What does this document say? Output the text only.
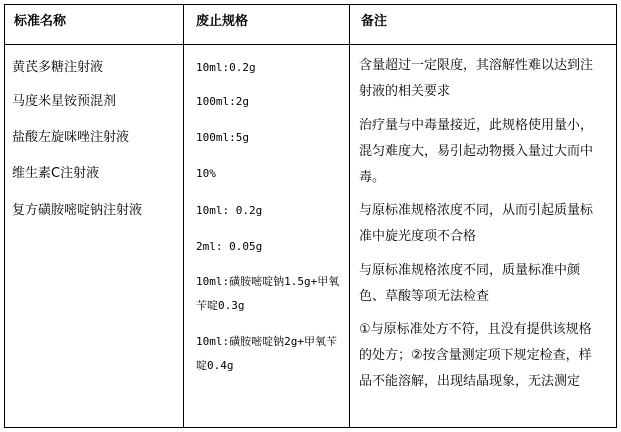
标准名称	废止规格	备注
黄芪多糖注射液
马度米星铵预混剂
盐酸左旋咪唑注射液
维生素C注射液
复方磺胺嘧啶钠注射液
10ml:0.2g
100ml:2g
100ml:5g
10%
10ml: 0.2g
2ml: 0.05g
10ml:磺胺嘧啶钠1.5g+甲氧苄啶0.3g
10ml:磺胺嘧啶钠2g+甲氧苄啶0.4g
含量超过一定限度，其溶解性难以达到注射液的相关要求
治疗量与中毒量接近，此规格使用量小，混匀难度大，易引起动物摄入量过大而中毒。
与原标准规格浓度不同，从而引起质量标准中旋光度项不合格
与原标准规格浓度不同，质量标准中颜色、草酸等项无法检查
①与原标准处方不符，且没有提供该规格的处方；②按含量测定项下规定检查，样品不能溶解，出现结晶现象，无法测定
